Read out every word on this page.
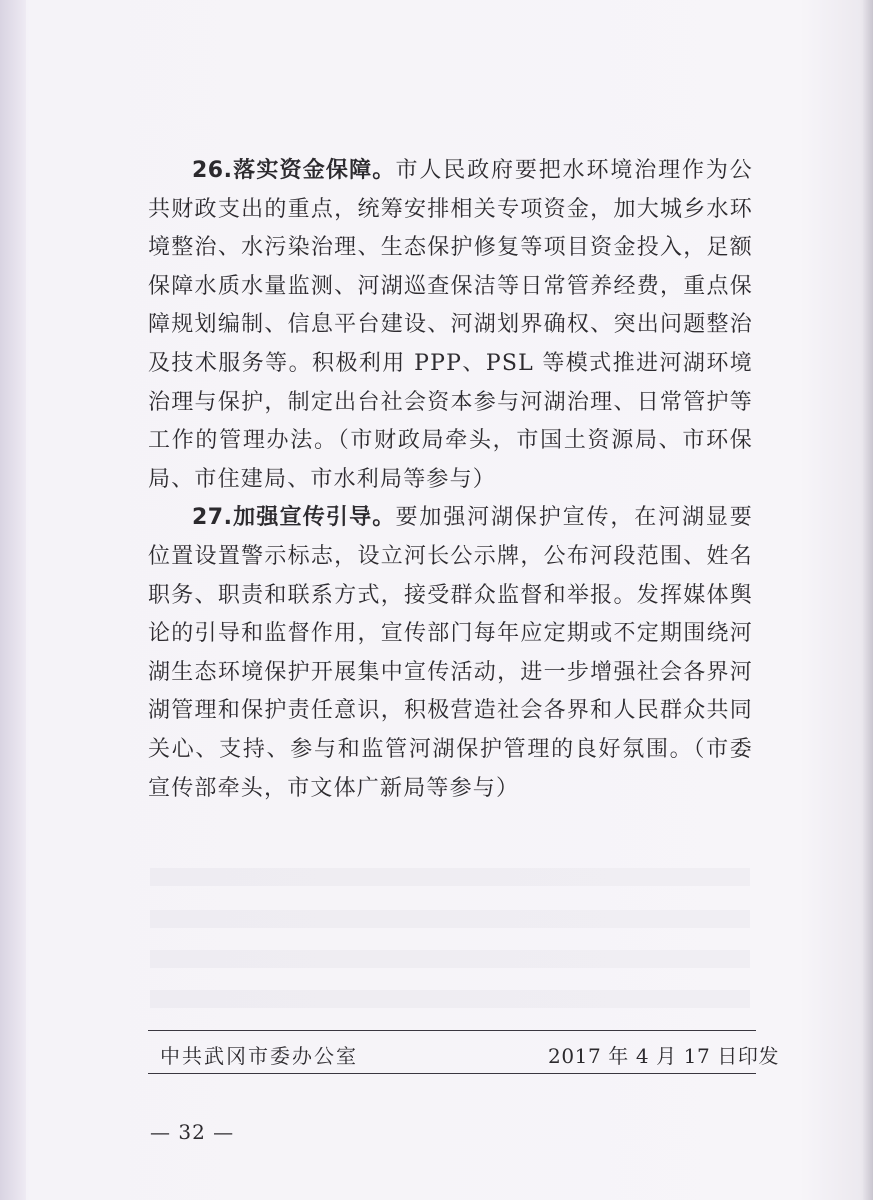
26.落实资金保障。市人民政府要把水环境治理作为公共财政支出的重点，统筹安排相关专项资金，加大城乡水环境整治、水污染治理、生态保护修复等项目资金投入，足额保障水质水量监测、河湖巡查保洁等日常管养经费，重点保障规划编制、信息平台建设、河湖划界确权、突出问题整治及技术服务等。积极利用 PPP、PSL 等模式推进河湖环境治理与保护，制定出台社会资本参与河湖治理、日常管护等工作的管理办法。（市财政局牵头，市国土资源局、市环保局、市住建局、市水利局等参与）

27.加强宣传引导。要加强河湖保护宣传，在河湖显要位置设置警示标志，设立河长公示牌，公布河段范围、姓名职务、职责和联系方式，接受群众监督和举报。发挥媒体舆论的引导和监督作用，宣传部门每年应定期或不定期围绕河湖生态环境保护开展集中宣传活动，进一步增强社会各界河湖管理和保护责任意识，积极营造社会各界和人民群众共同关心、支持、参与和监管河湖保护管理的良好氛围。（市委宣传部牵头，市文体广新局等参与）

中共武冈市委办公室	2017 年 4 月 17 日印发
— 32 —
